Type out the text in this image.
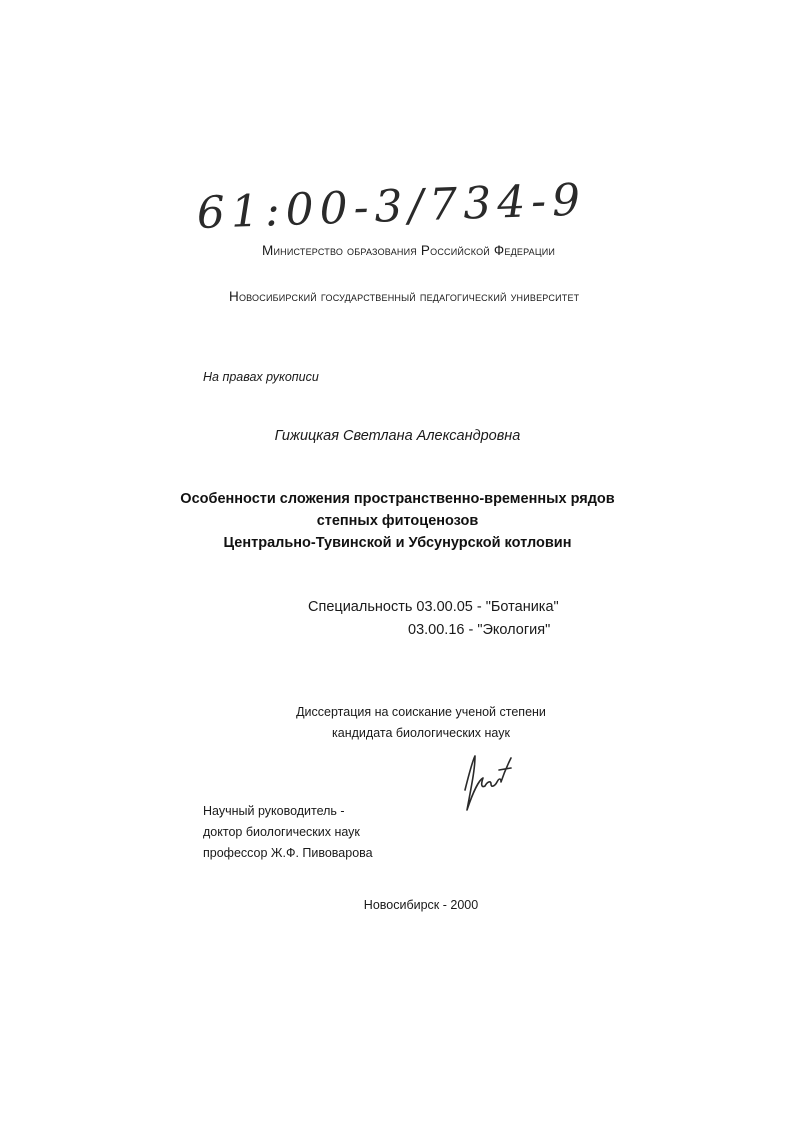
61:00-3/734-9
Министерство образования Российской Федерации
Новосибирский государственный педагогический университет
На правах рукописи
Гижицкая Светлана Александровна
Особенности сложения пространственно-временных рядов
степных фитоценозов
Центрально-Тувинской и Убсунурской котловин
Специальность 03.00.05 - "Ботаника"
03.00.16 - "Экология"
Диссертация на соискание ученой степени
кандидата биологических наук
Научный руководитель -
доктор биологических наук
профессор Ж.Ф. Пивоварова
Новосибирск - 2000
